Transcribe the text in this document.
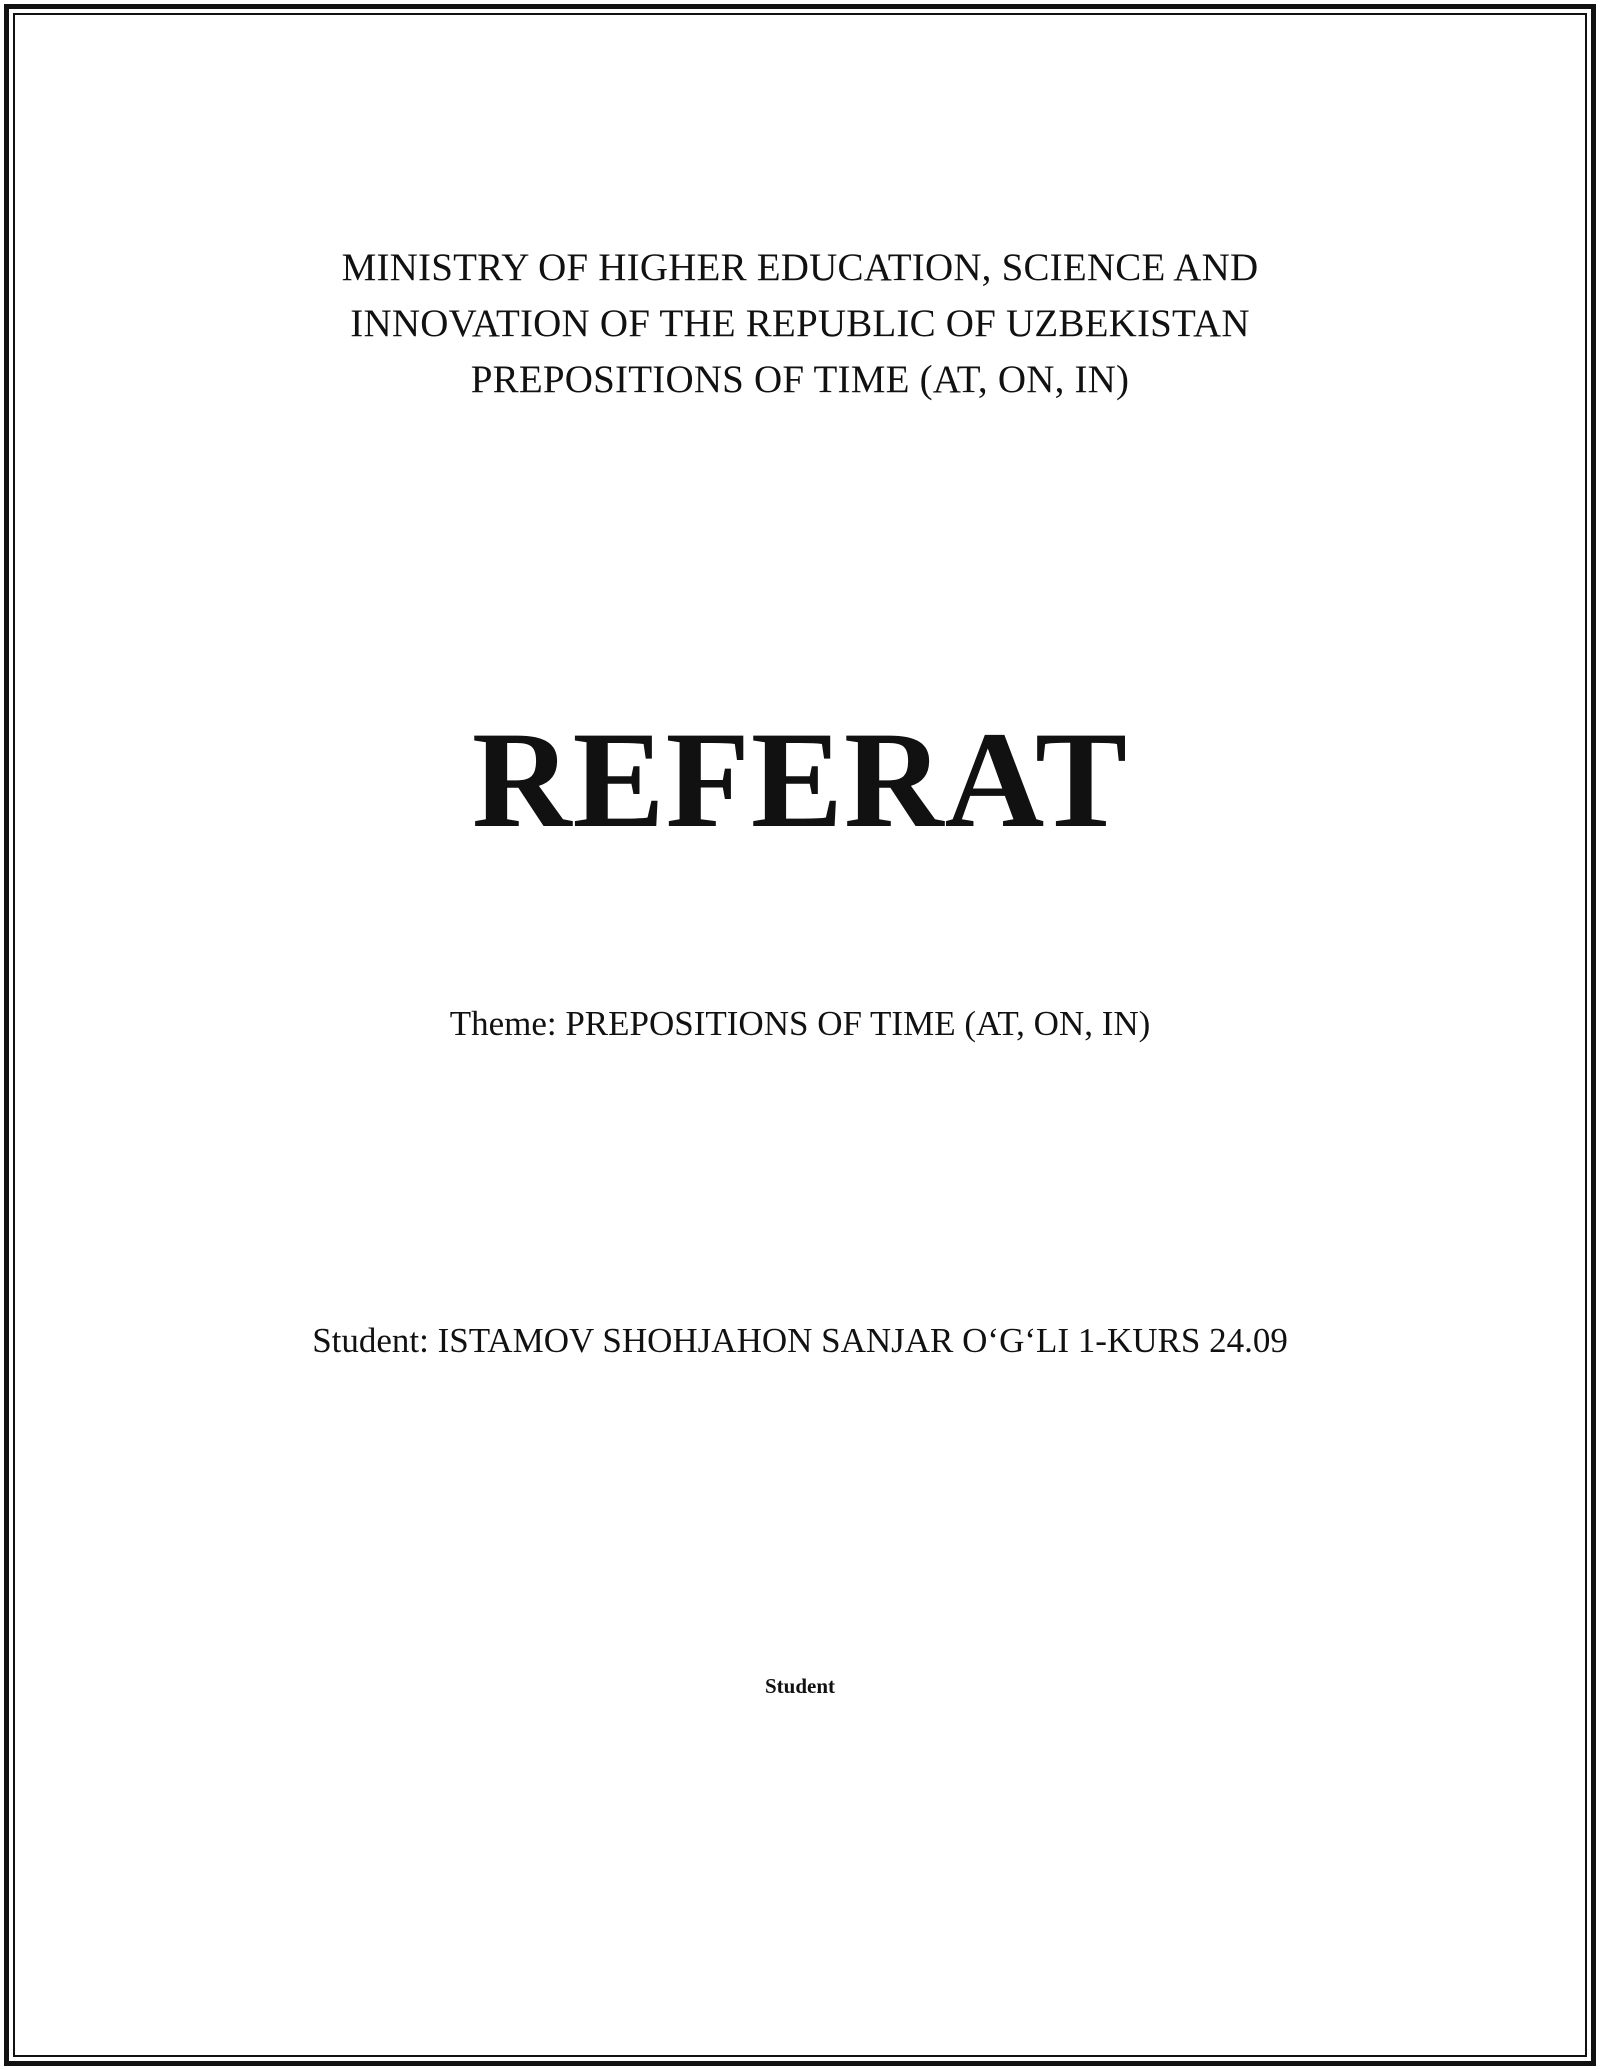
MINISTRY OF HIGHER EDUCATION, SCIENCE AND
INNOVATION OF THE REPUBLIC OF UZBEKISTAN
PREPOSITIONS OF TIME (AT, ON, IN)
REFERAT
Theme: PREPOSITIONS OF TIME (AT, ON, IN)
Student: ISTAMOV SHOHJAHON SANJAR O‘G‘LI 1-KURS 24.09
Student
